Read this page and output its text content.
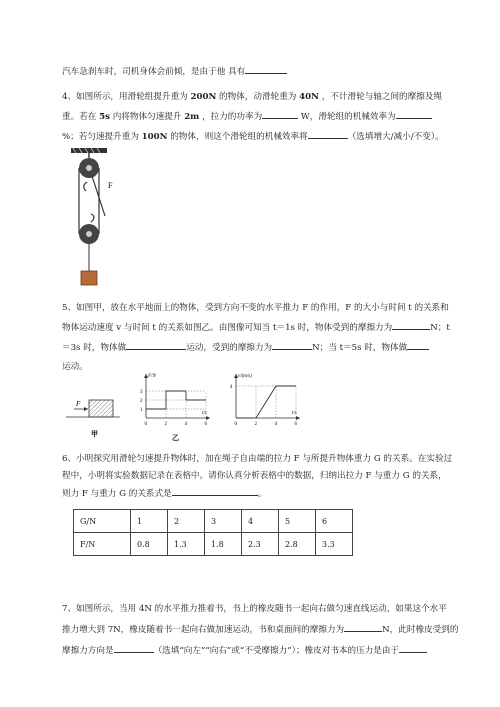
汽车急刹车时，司机身体会前倾，是由于他 具有
4、如图所示，用滑轮组提升重为 200N 的物体，动滑轮重为 40N ，不计滑轮与轴之间的摩擦及绳
重。若在 5s 内将物体匀速提升 2m ，拉力的功率为	W，滑轮组的机械效率为
%；若匀速提升重为 100N 的物体，则这个滑轮组的机械效率将	（选填增大/减小/不变）。
F
5、如图甲，放在水平地面上的物体，受到方向不变的水平推力 F 的作用，F 的大小与时间 t 的关系和
物体运动速度 v 与时间 t 的关系如图乙。由图像可知当 t＝1s 时，物体受到的摩擦力为	N；t
＝3s 时，物体做	运动，受到的摩擦力为	N；当 t＝5s 时，物体做
运动。
F
甲
F/N
t/s
0	2	4	6
1
2
3
乙
v/(m/s)
t/s
0	2	4	6
4
6、小明探究用滑轮匀速提升物体时，加在绳子自由端的拉力 F 与所提升物体重力 G 的关系。在实验过
程中，小明将实验数据记录在表格中。请你认真分析表格中的数据，归纳出拉力 F 与重力 G 的关系，
则力 F 与重力 G 的关系式是	。
G/N	1	2	3	4	5	6
F/N	0.8	1.3	1.8	2.3	2.8	3.3
7、如图所示，当用 4N 的水平推力推着书，书上的橡皮随书一起向右做匀速直线运动，如果这个水平
推力增大到 7N，橡皮随着书一起向右做加速运动，书和桌面间的摩擦力为	N，此时橡皮受到的
摩擦力方向是	（选填“向左”“向右”或“不受摩擦力”）；橡皮对书本的压力是由于
